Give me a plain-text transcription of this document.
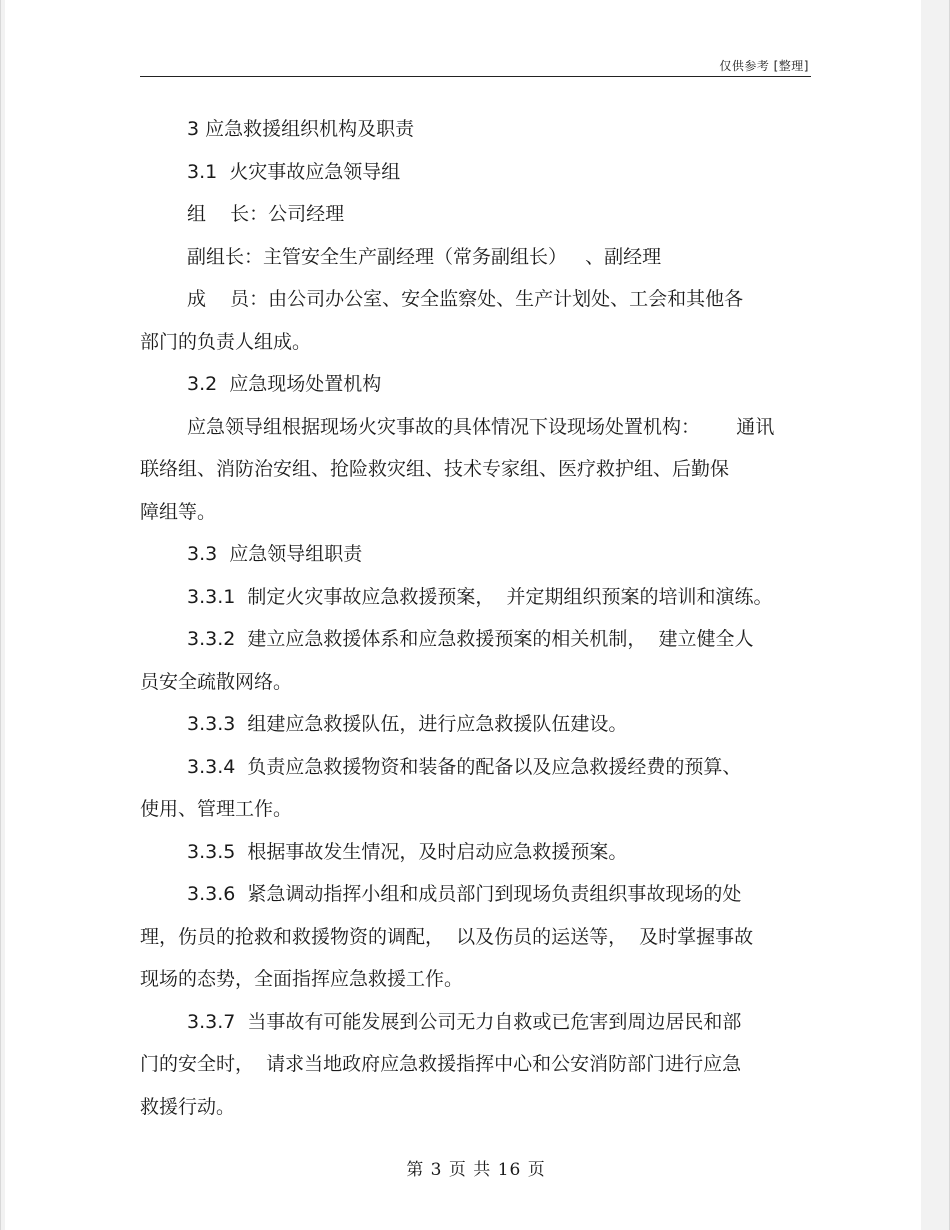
仅供参考 [整理]
3 应急救援组织机构及职责
3.1  火灾事故应急领导组
组    长：公司经理
副组长：主管安全生产副经理（常务副组长）   、副经理
成    员：由公司办公室、安全监察处、生产计划处、工会和其他各
部门的负责人组成。
3.2  应急现场处置机构
应急领导组根据现场火灾事故的具体情况下设现场处置机构：      通讯
联络组、消防治安组、抢险救灾组、技术专家组、医疗救护组、后勤保
障组等。
3.3  应急领导组职责
3.3.1  制定火灾事故应急救援预案，  并定期组织预案的培训和演练。
3.3.2  建立应急救援体系和应急救援预案的相关机制，  建立健全人
员安全疏散网络。
3.3.3  组建应急救援队伍，进行应急救援队伍建设。
3.3.4  负责应急救援物资和装备的配备以及应急救援经费的预算、
使用、管理工作。
3.3.5  根据事故发生情况，及时启动应急救援预案。
3.3.6  紧急调动指挥小组和成员部门到现场负责组织事故现场的处
理，伤员的抢救和救援物资的调配，  以及伤员的运送等，  及时掌握事故
现场的态势，全面指挥应急救援工作。
3.3.7  当事故有可能发展到公司无力自救或已危害到周边居民和部
门的安全时，  请求当地政府应急救援指挥中心和公安消防部门进行应急
救援行动。
第 3 页 共 16 页
